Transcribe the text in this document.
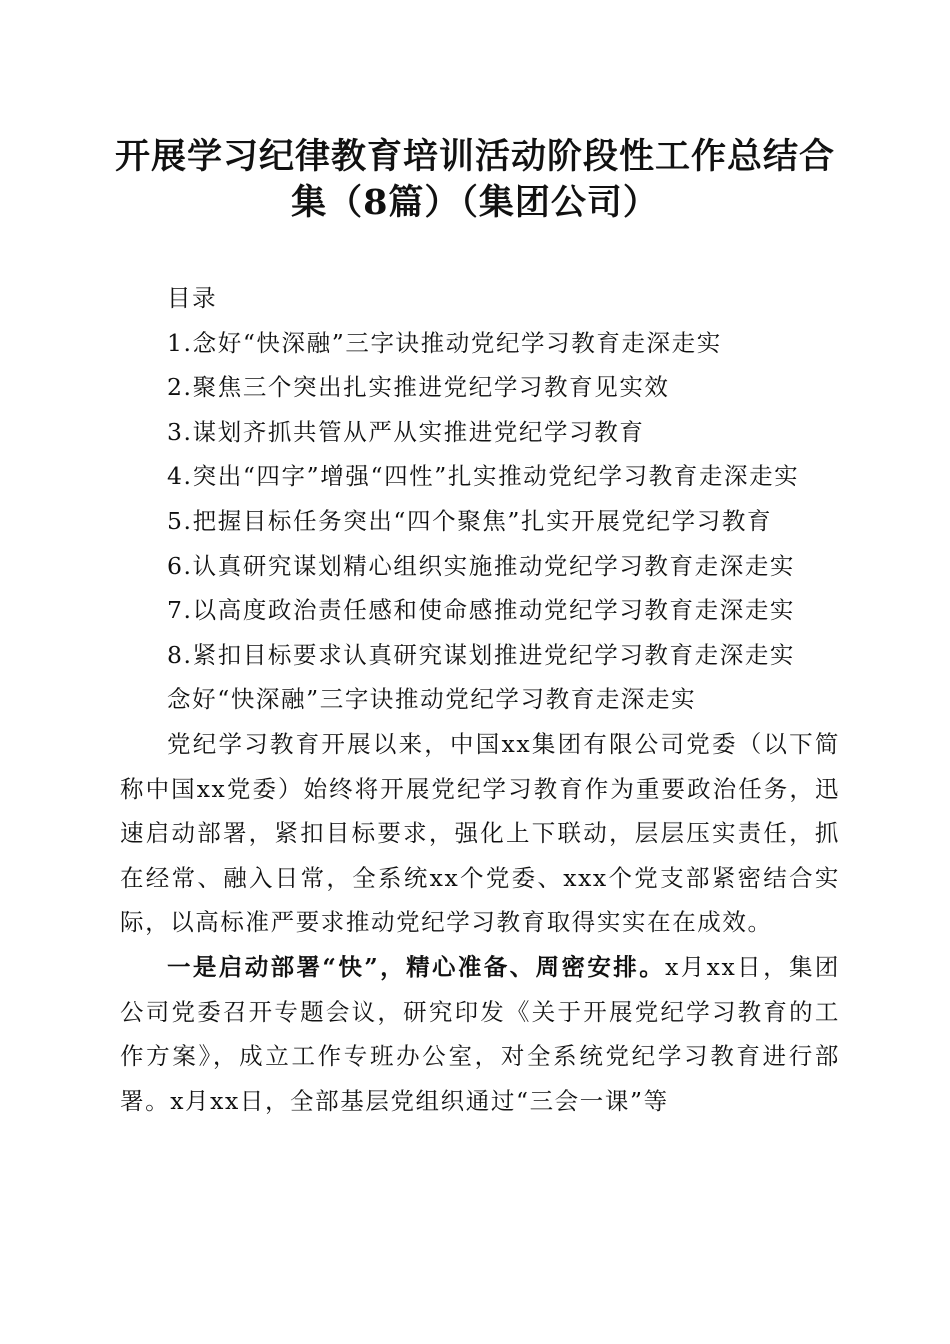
开展学习纪律教育培训活动阶段性工作总结合
集（8篇）（集团公司）

目录

1.念好“快深融”三字诀推动党纪学习教育走深走实

2.聚焦三个突出扎实推进党纪学习教育见实效

3.谋划齐抓共管从严从实推进党纪学习教育

4.突出“四字”增强“四性”扎实推动党纪学习教育走深走实

5.把握目标任务突出“四个聚焦”扎实开展党纪学习教育

6.认真研究谋划精心组织实施推动党纪学习教育走深走实

7.以高度政治责任感和使命感推动党纪学习教育走深走实

8.紧扣目标要求认真研究谋划推进党纪学习教育走深走实

念好“快深融”三字诀推动党纪学习教育走深走实

党纪学习教育开展以来，中国xx集团有限公司党委（以下简称中国xx党委）始终将开展党纪学习教育作为重要政治任务，迅速启动部署，紧扣目标要求，强化上下联动，层层压实责任，抓在经常、融入日常，全系统xx个党委、xxx个党支部紧密结合实际，以高标准严要求推动党纪学习教育取得实实在在成效。

一是启动部署“快”，精心准备、周密安排。x月xx日，集团公司党委召开专题会议，研究印发《关于开展党纪学习教育的工作方案》，成立工作专班办公室，对全系统党纪学习教育进行部署。x月xx日，全部基层党组织通过“三会一课”等
